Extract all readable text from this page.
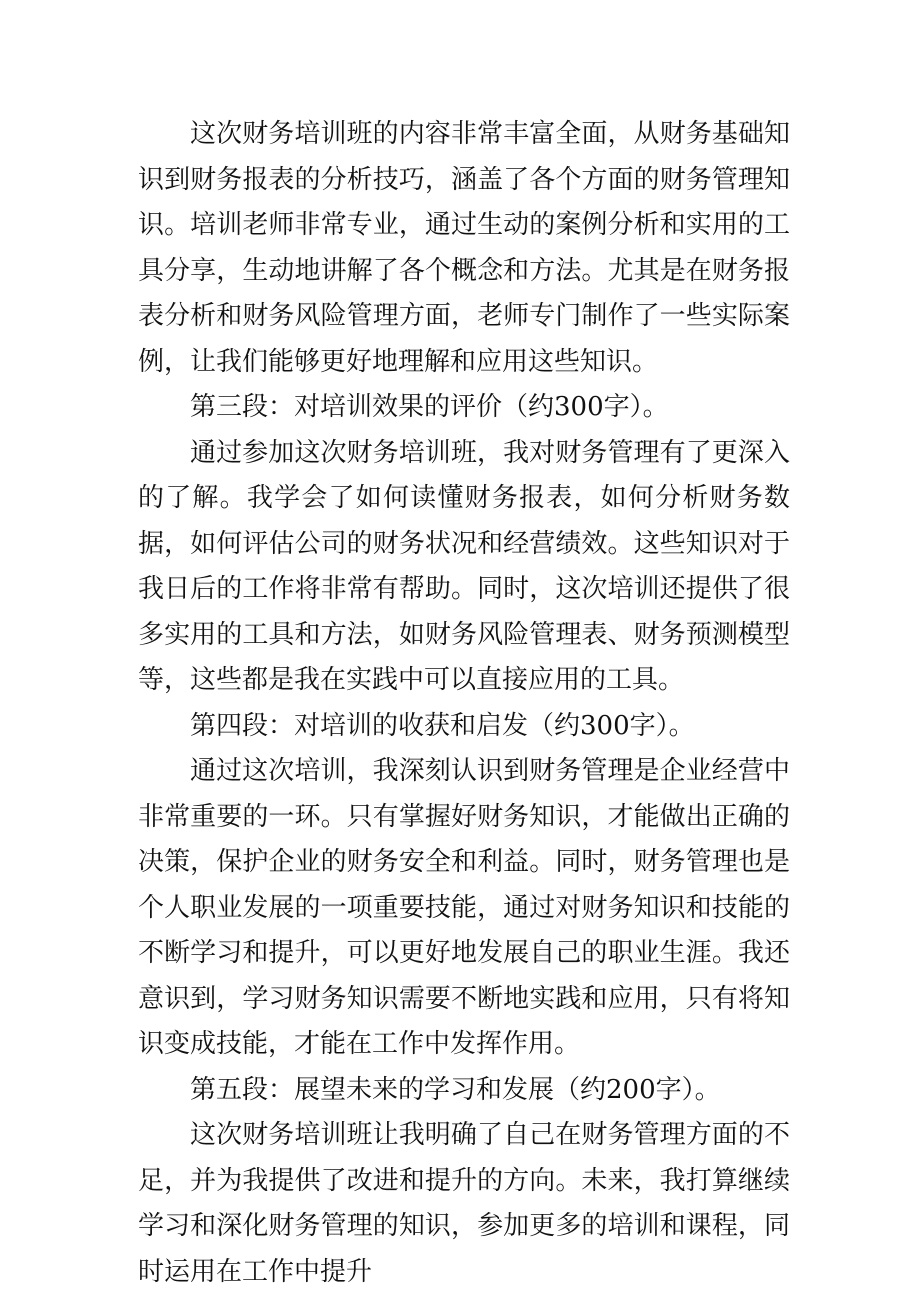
这次财务培训班的内容非常丰富全面，从财务基础知识到财务报表的分析技巧，涵盖了各个方面的财务管理知识。培训老师非常专业，通过生动的案例分析和实用的工具分享，生动地讲解了各个概念和方法。尤其是在财务报表分析和财务风险管理方面，老师专门制作了一些实际案例，让我们能够更好地理解和应用这些知识。

第三段：对培训效果的评价（约300字）。

通过参加这次财务培训班，我对财务管理有了更深入的了解。我学会了如何读懂财务报表，如何分析财务数据，如何评估公司的财务状况和经营绩效。这些知识对于我日后的工作将非常有帮助。同时，这次培训还提供了很多实用的工具和方法，如财务风险管理表、财务预测模型等，这些都是我在实践中可以直接应用的工具。

第四段：对培训的收获和启发（约300字）。

通过这次培训，我深刻认识到财务管理是企业经营中非常重要的一环。只有掌握好财务知识，才能做出正确的决策，保护企业的财务安全和利益。同时，财务管理也是个人职业发展的一项重要技能，通过对财务知识和技能的不断学习和提升，可以更好地发展自己的职业生涯。我还意识到，学习财务知识需要不断地实践和应用，只有将知识变成技能，才能在工作中发挥作用。

第五段：展望未来的学习和发展（约200字）。

这次财务培训班让我明确了自己在财务管理方面的不足，并为我提供了改进和提升的方向。未来，我打算继续学习和深化财务管理的知识，参加更多的培训和课程，同时运用在工作中提升
